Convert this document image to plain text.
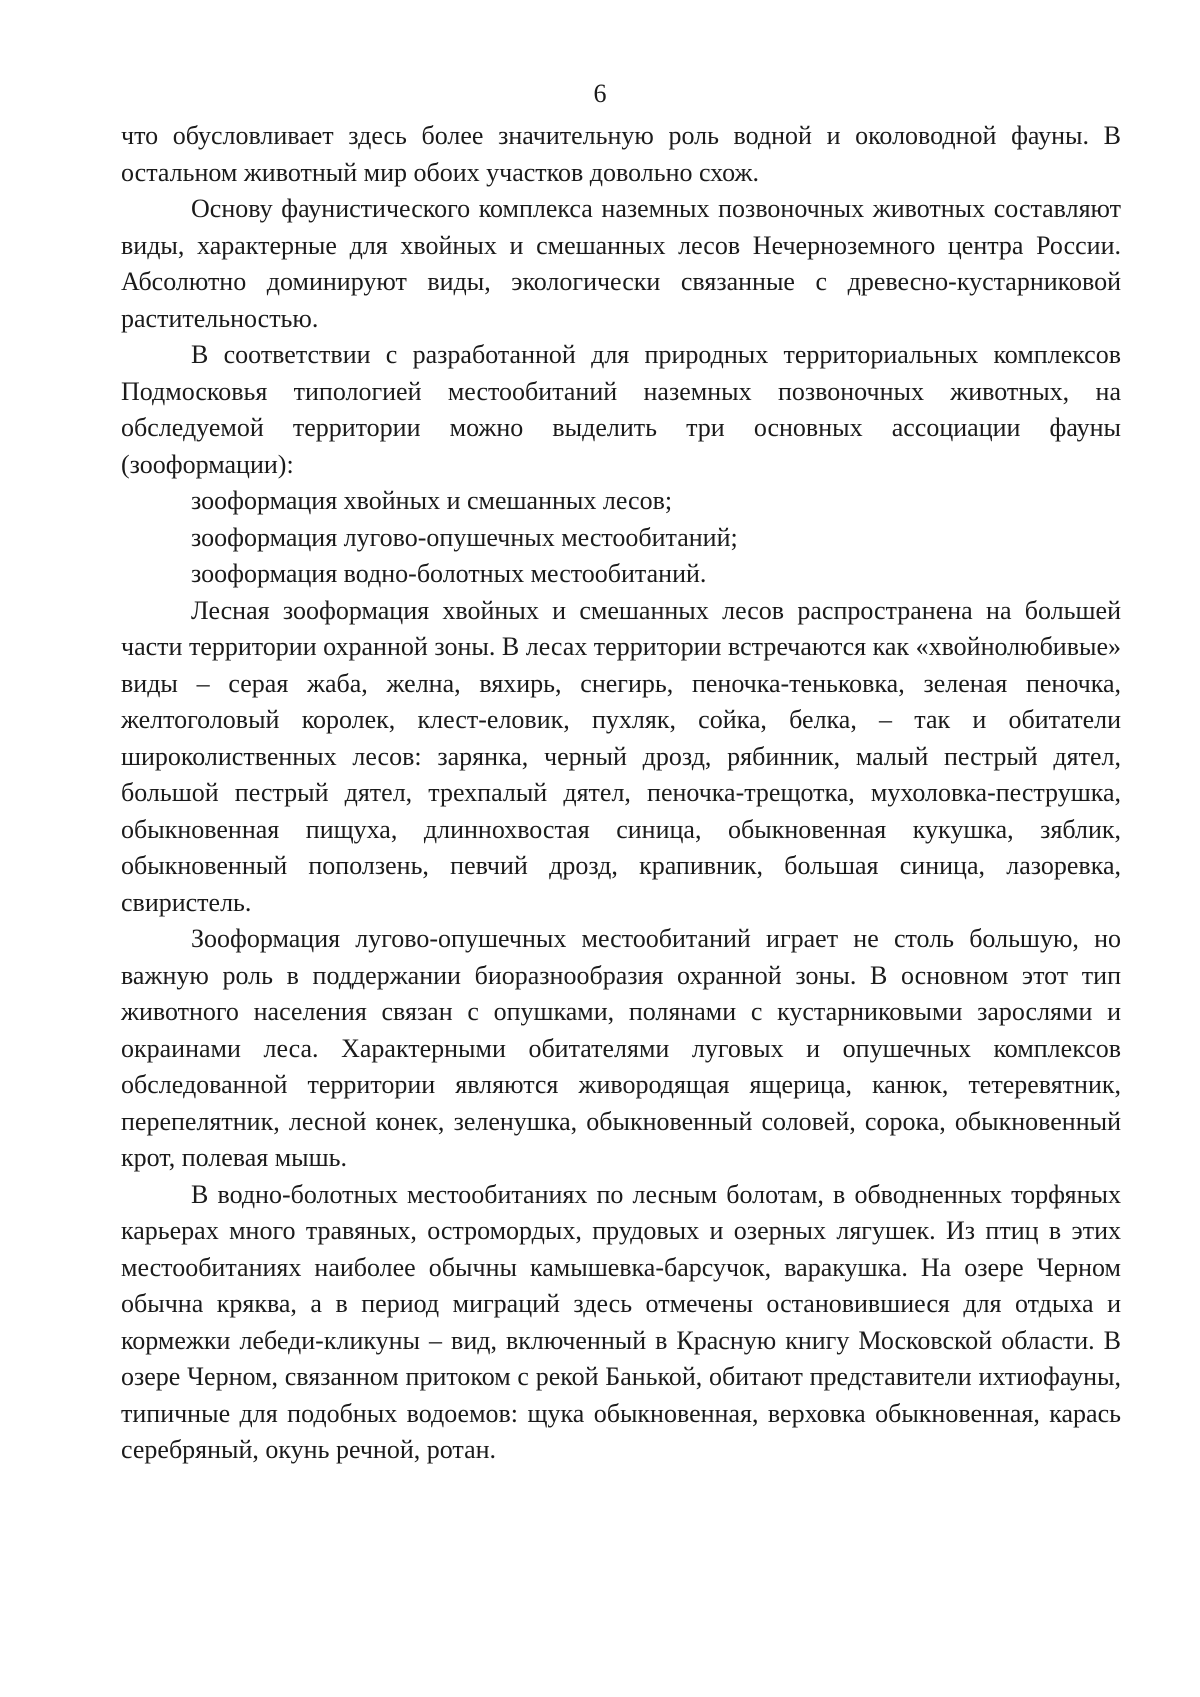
6

что обусловливает здесь более значительную роль водной и околоводной фауны. В остальном животный мир обоих участков довольно схож.

Основу фаунистического комплекса наземных позвоночных животных составляют виды, характерные для хвойных и смешанных лесов Нечерноземного центра России. Абсолютно доминируют виды, экологически связанные с древесно-кустарниковой растительностью.

В соответствии с разработанной для природных территориальных комплексов Подмосковья типологией местообитаний наземных позвоночных животных, на обследуемой территории можно выделить три основных ассоциации фауны (зооформации):

зооформация хвойных и смешанных лесов;

зооформация лугово-опушечных местообитаний;

зооформация водно-болотных местообитаний.

Лесная зооформация хвойных и смешанных лесов распространена на большей части территории охранной зоны. В лесах территории встречаются как «хвойнолюбивые» виды – серая жаба, желна, вяхирь, снегирь, пеночка-теньковка, зеленая пеночка, желтоголовый королек, клест-еловик, пухляк, сойка, белка, – так и обитатели широколиственных лесов: зарянка, черный дрозд, рябинник, малый пестрый дятел, большой пестрый дятел, трехпалый дятел, пеночка-трещотка, мухоловка-пеструшка, обыкновенная пищуха, длиннохвостая синица, обыкновенная кукушка, зяблик, обыкновенный поползень, певчий дрозд, крапивник, большая синица, лазоревка, свиристель.

Зооформация лугово-опушечных местообитаний играет не столь большую, но важную роль в поддержании биоразнообразия охранной зоны. В основном этот тип животного населения связан с опушками, полянами с кустарниковыми зарослями и окраинами леса. Характерными обитателями луговых и опушечных комплексов обследованной территории являются живородящая ящерица, канюк, тетеревятник, перепелятник, лесной конек, зеленушка, обыкновенный соловей, сорока, обыкновенный крот, полевая мышь.

В водно-болотных местообитаниях по лесным болотам, в обводненных торфяных карьерах много травяных, остромордых, прудовых и озерных лягушек. Из птиц в этих местообитаниях наиболее обычны камышевка-барсучок, варакушка. На озере Черном обычна кряква, а в период миграций здесь отмечены остановившиеся для отдыха и кормежки лебеди-кликуны – вид, включенный в Красную книгу Московской области. В озере Черном, связанном притоком с рекой Банькой, обитают представители ихтиофауны, типичные для подобных водоемов: щука обыкновенная, верховка обыкновенная, карась серебряный, окунь речной, ротан.
